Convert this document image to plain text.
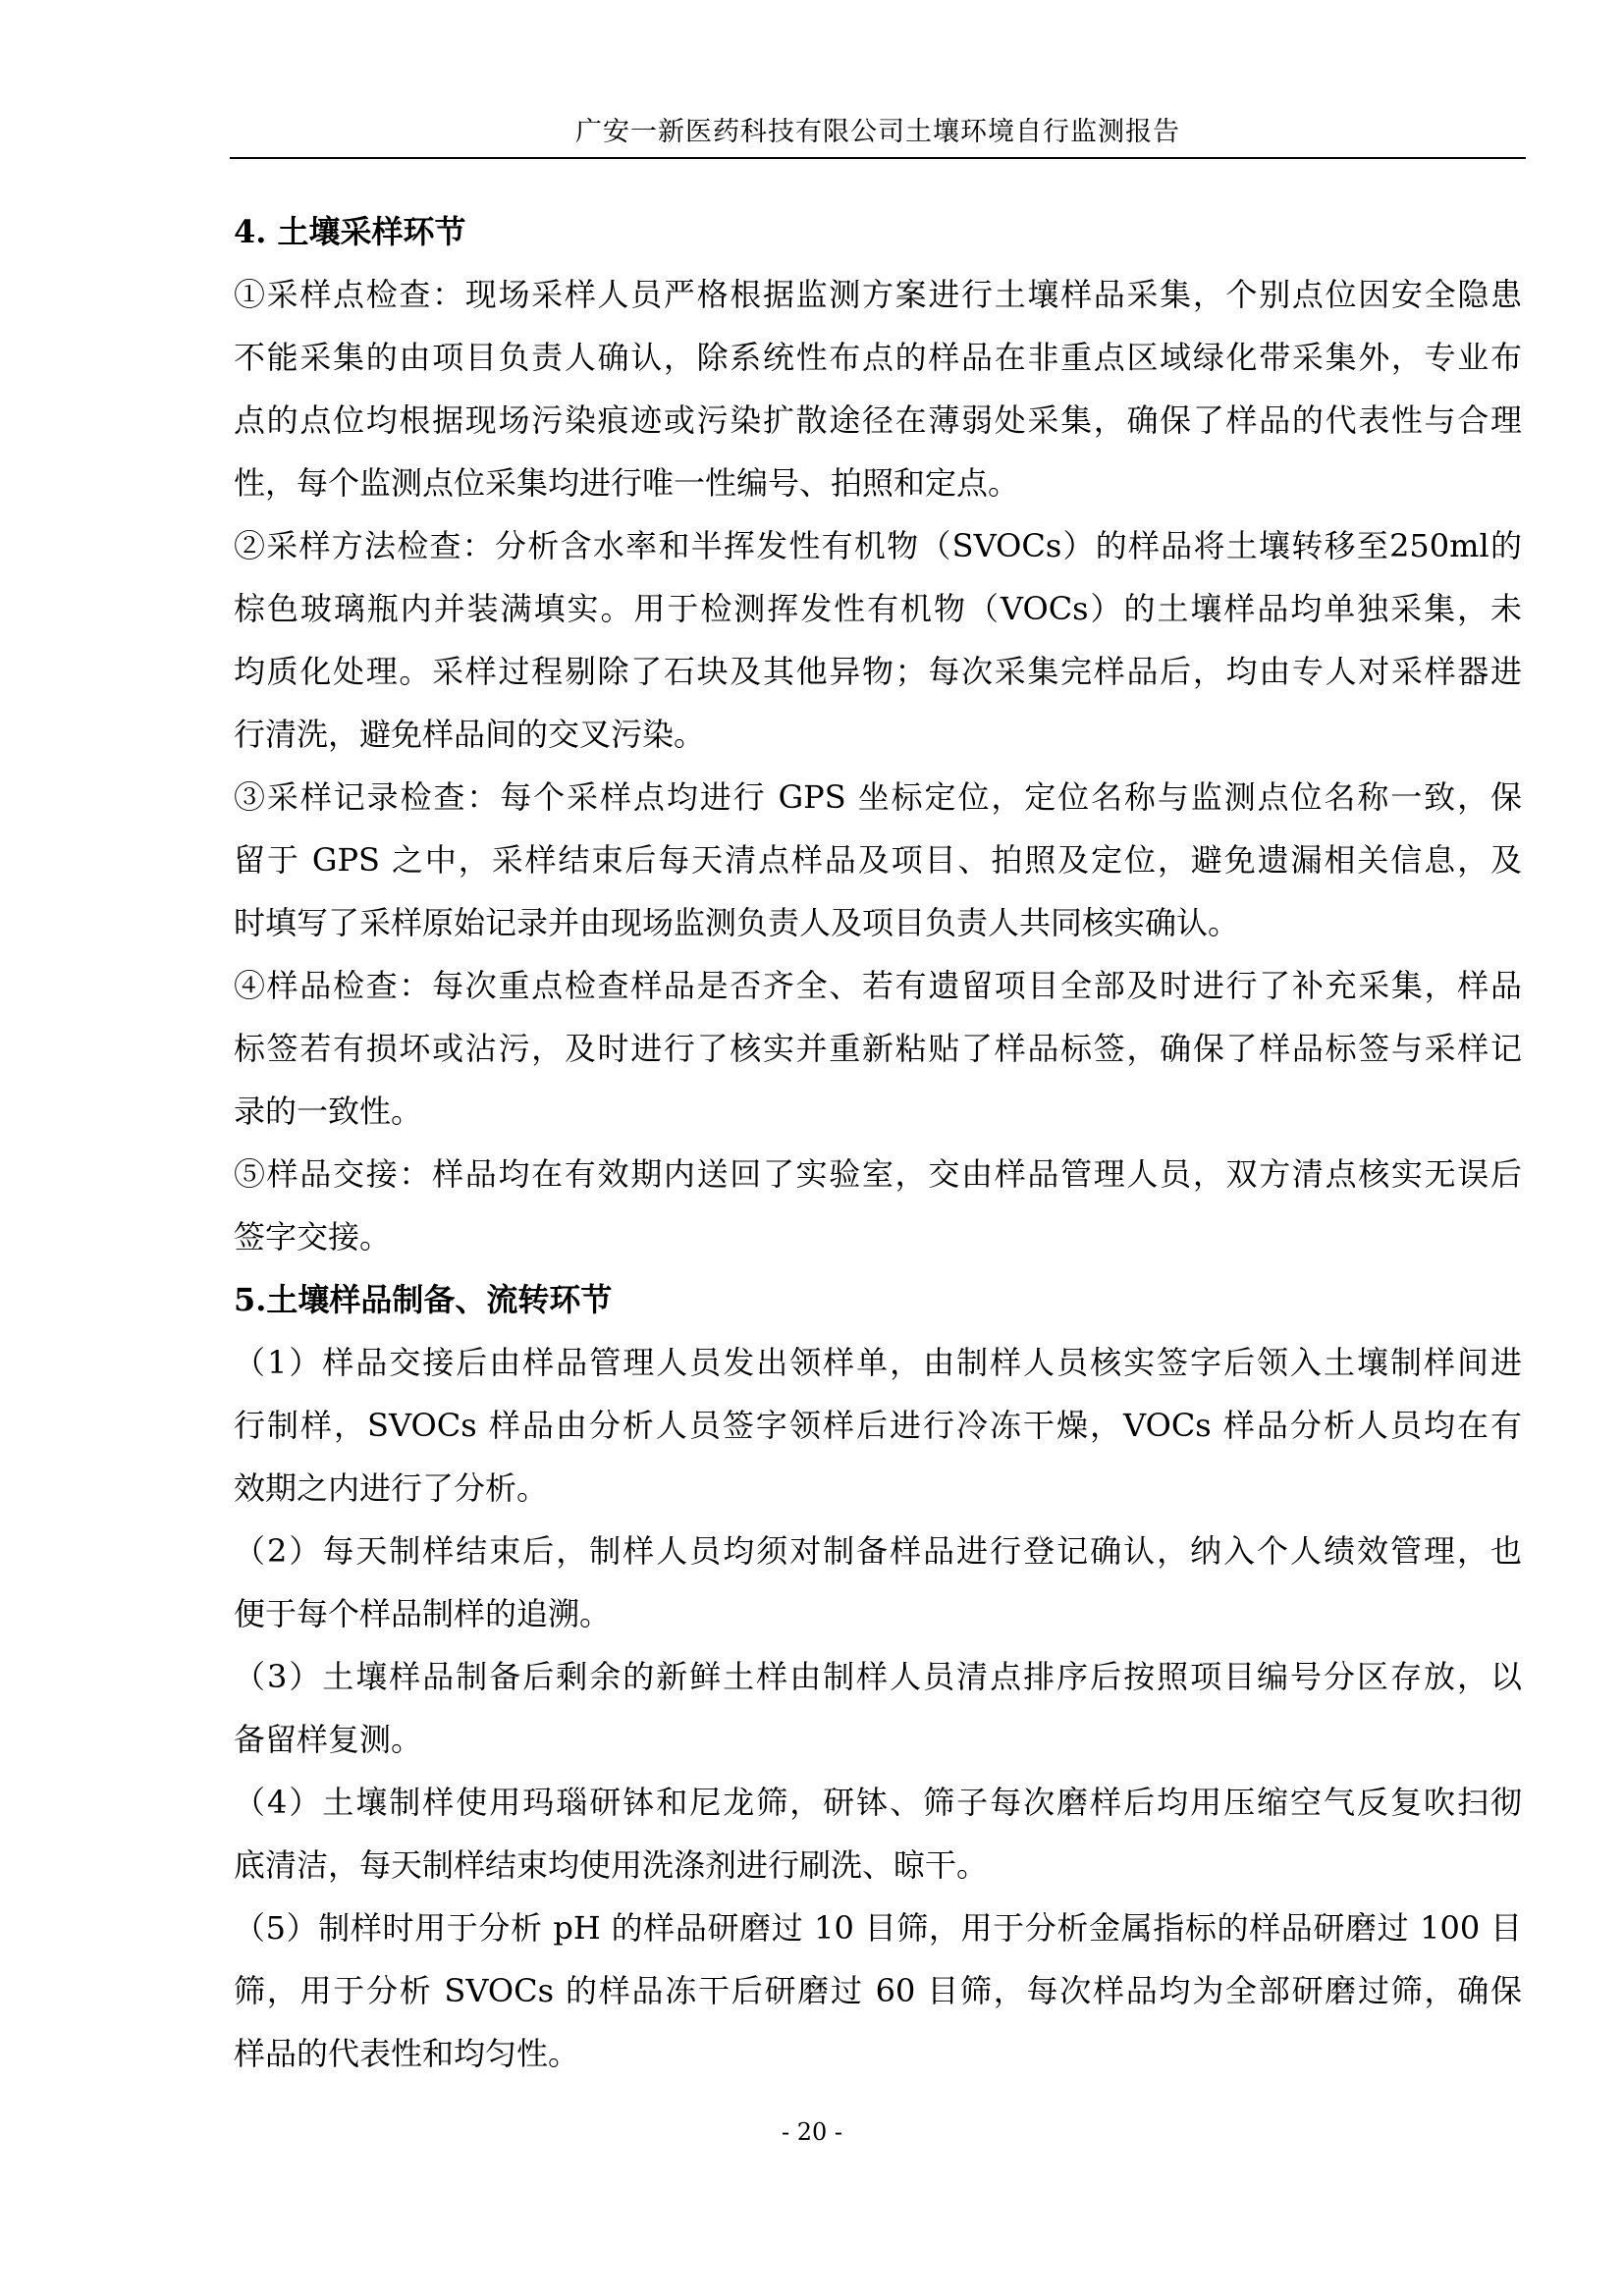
广安一新医药科技有限公司土壤环境自行监测报告
4. 土壤采样环节
①采样点检查：现场采样人员严格根据监测方案进行土壤样品采集，个别点位因安全隐患
不能采集的由项目负责人确认，除系统性布点的样品在非重点区域绿化带采集外，专业布
点的点位均根据现场污染痕迹或污染扩散途径在薄弱处采集，确保了样品的代表性与合理
性，每个监测点位采集均进行唯一性编号、拍照和定点。
②采样方法检查：分析含水率和半挥发性有机物（SVOCs）的样品将土壤转移至250ml的
棕色玻璃瓶内并装满填实。用于检测挥发性有机物（VOCs）的土壤样品均单独采集，未
均质化处理。采样过程剔除了石块及其他异物；每次采集完样品后，均由专人对采样器进
行清洗，避免样品间的交叉污染。
③采样记录检查：每个采样点均进行 GPS 坐标定位，定位名称与监测点位名称一致，保
留于 GPS 之中，采样结束后每天清点样品及项目、拍照及定位，避免遗漏相关信息，及
时填写了采样原始记录并由现场监测负责人及项目负责人共同核实确认。
④样品检查：每次重点检查样品是否齐全、若有遗留项目全部及时进行了补充采集，样品
标签若有损坏或沾污，及时进行了核实并重新粘贴了样品标签，确保了样品标签与采样记
录的一致性。
⑤样品交接：样品均在有效期内送回了实验室，交由样品管理人员，双方清点核实无误后
签字交接。
5.土壤样品制备、流转环节
（1）样品交接后由样品管理人员发出领样单，由制样人员核实签字后领入土壤制样间进
行制样，SVOCs 样品由分析人员签字领样后进行冷冻干燥，VOCs 样品分析人员均在有
效期之内进行了分析。
（2）每天制样结束后，制样人员均须对制备样品进行登记确认，纳入个人绩效管理，也
便于每个样品制样的追溯。
（3）土壤样品制备后剩余的新鲜土样由制样人员清点排序后按照项目编号分区存放，以
备留样复测。
（4）土壤制样使用玛瑙研钵和尼龙筛，研钵、筛子每次磨样后均用压缩空气反复吹扫彻
底清洁，每天制样结束均使用洗涤剂进行刷洗、晾干。
（5）制样时用于分析 pH 的样品研磨过 10 目筛，用于分析金属指标的样品研磨过 100 目
筛，用于分析 SVOCs 的样品冻干后研磨过 60 目筛，每次样品均为全部研磨过筛，确保
样品的代表性和均匀性。
- 20 -
